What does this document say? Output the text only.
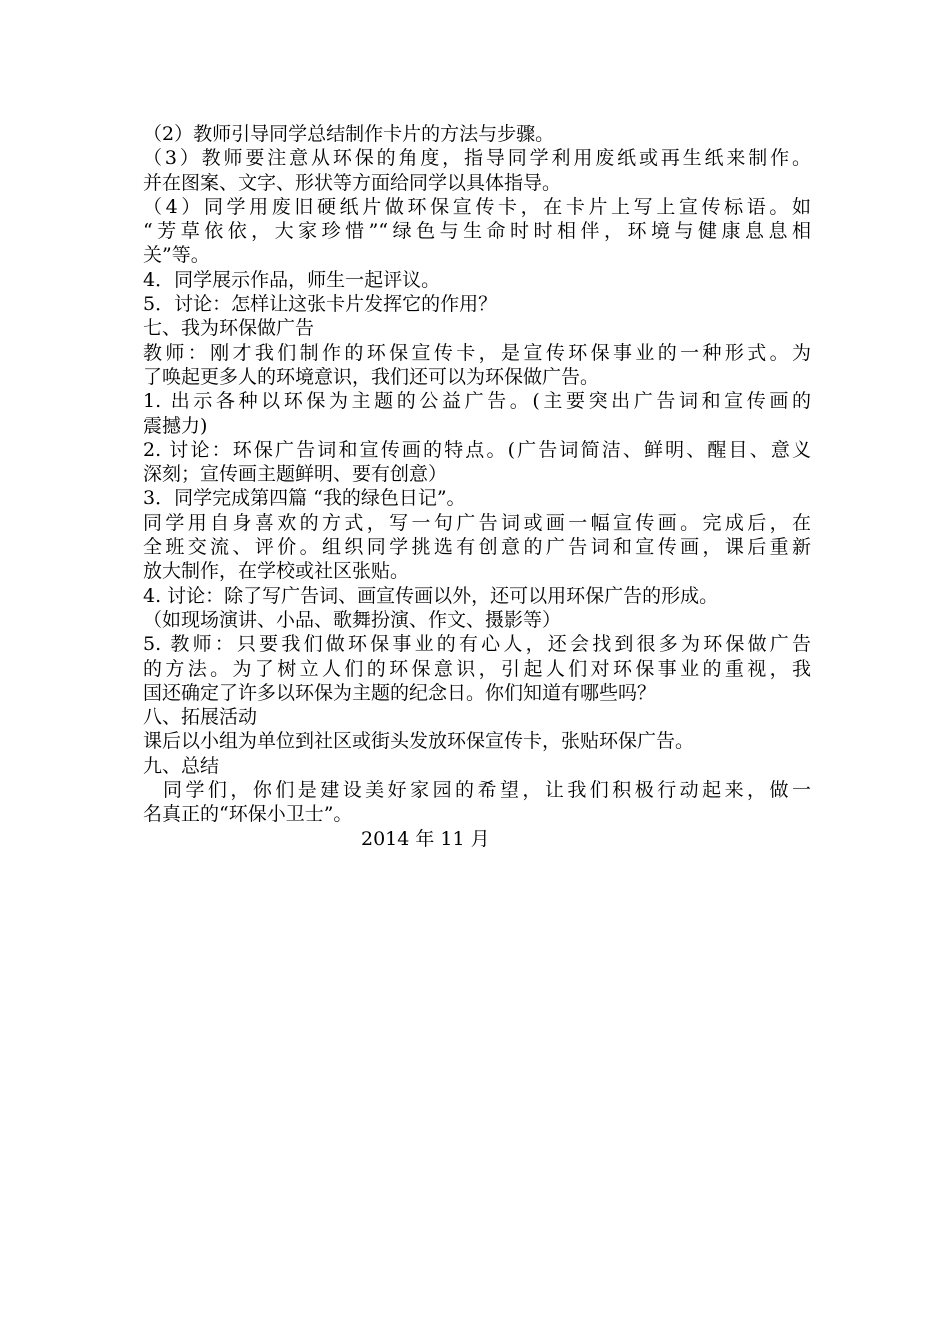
（2）教师引导同学总结制作卡片的方法与步骤。
（3）教师要注意从环保的角度，指导同学利用废纸或再生纸来制作。
并在图案、文字、形状等方面给同学以具体指导。
（4）同学用废旧硬纸片做环保宣传卡，在卡片上写上宣传标语。如
“芳草依依，大家珍惜”“绿色与生命时时相伴，环境与健康息息相
关”等。
4．同学展示作品，师生一起评议。
5．讨论：怎样让这张卡片发挥它的作用？
七、我为环保做广告
教师：刚才我们制作的环保宣传卡，是宣传环保事业的一种形式。为
了唤起更多人的环境意识，我们还可以为环保做广告。
1. 出示各种以环保为主题的公益广告。(主要突出广告词和宣传画的
震撼力)
2. 讨论：环保广告词和宣传画的特点。(广告词简洁、鲜明、醒目、意义
深刻；宣传画主题鲜明、要有创意）
3．同学完成第四篇 “我的绿色日记”。
同学用自身喜欢的方式，写一句广告词或画一幅宣传画。完成后，在
全班交流、评价。组织同学挑选有创意的广告词和宣传画，课后重新
放大制作，在学校或社区张贴。
4. 讨论：除了写广告词、画宣传画以外，还可以用环保广告的形成。
（如现场演讲、小品、歌舞扮演、作文、摄影等）
5. 教师：只要我们做环保事业的有心人，还会找到很多为环保做广告
的方法。为了树立人们的环保意识，引起人们对环保事业的重视，我
国还确定了许多以环保为主题的纪念日。你们知道有哪些吗？
八、拓展活动
课后以小组为单位到社区或街头发放环保宣传卡，张贴环保广告。
九、总结
同学们，你们是建设美好家园的希望，让我们积极行动起来，做一
名真正的“环保小卫士”。
2014 年 11 月
